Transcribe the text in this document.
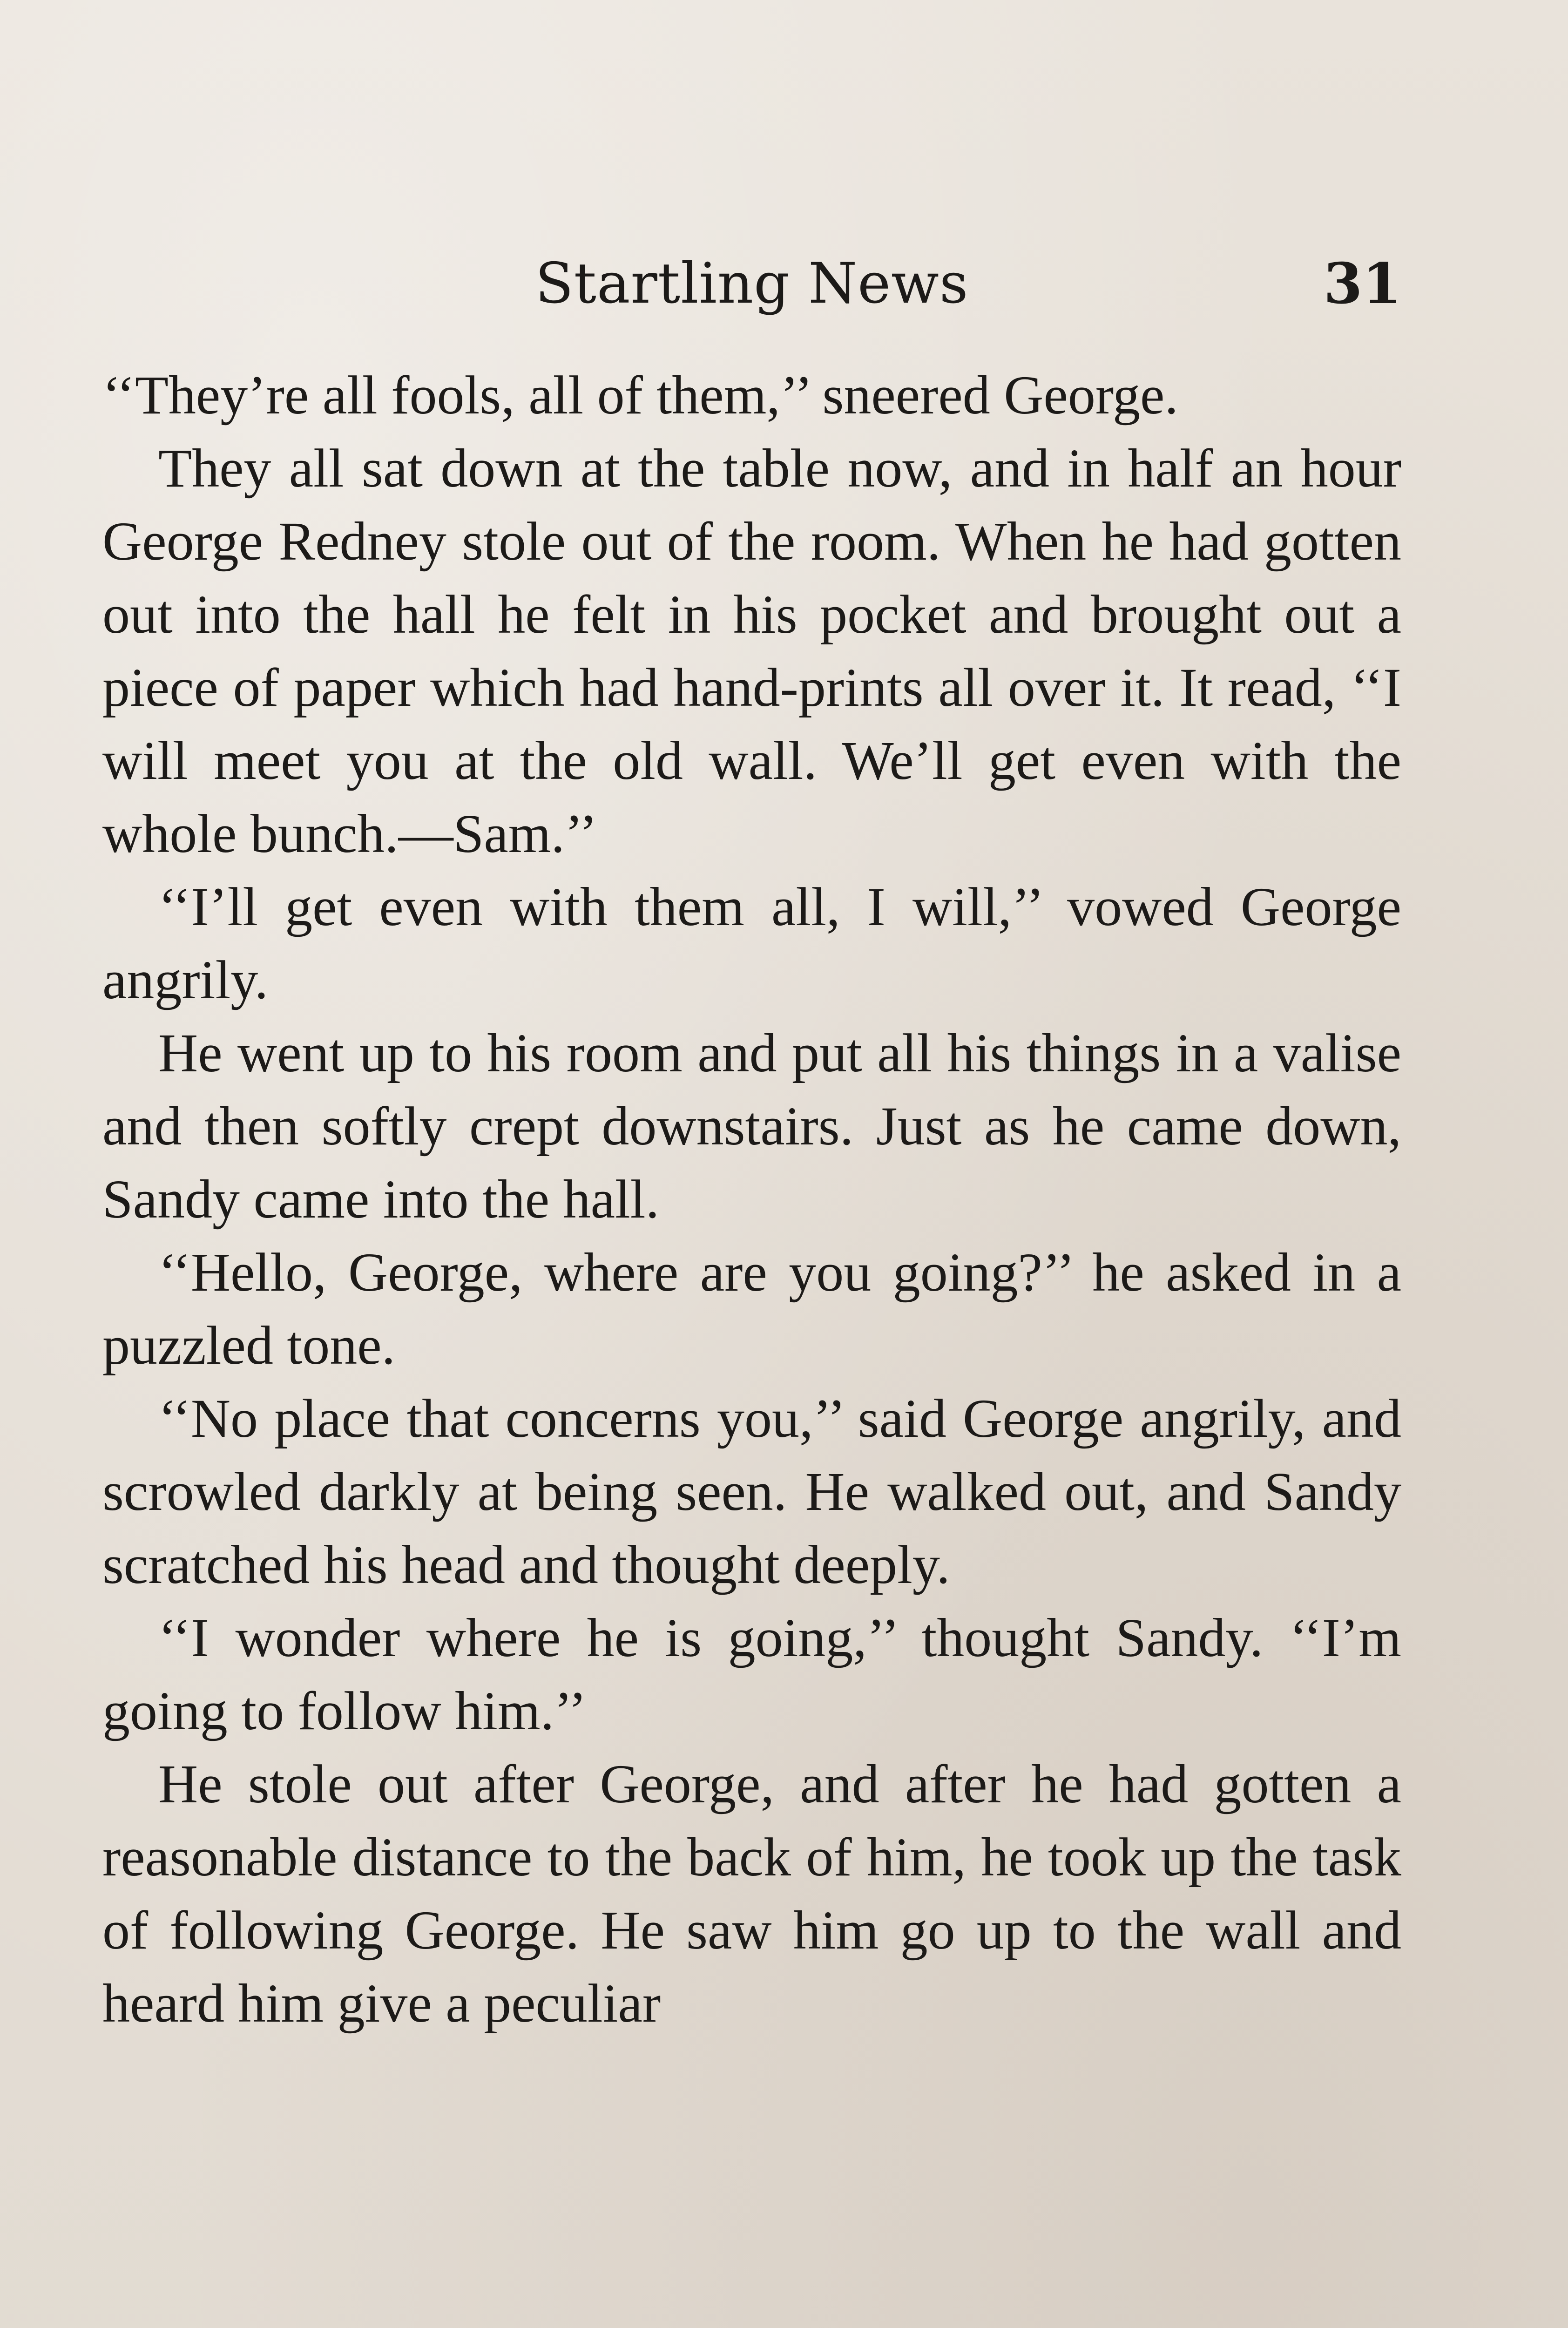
Startling News	31

‘‘They’re all fools, all of them,’’ sneered George.

They all sat down at the table now, and in half an hour George Redney stole out of the room. When he had gotten out into the hall he felt in his pocket and brought out a piece of paper which had hand-prints all over it. It read, ‘‘I will meet you at the old wall. We’ll get even with the whole bunch.—Sam.’’

‘‘I’ll get even with them all, I will,’’ vowed George angrily.

He went up to his room and put all his things in a valise and then softly crept downstairs. Just as he came down, Sandy came into the hall.

‘‘Hello, George, where are you going?’’ he asked in a puzzled tone.

‘‘No place that concerns you,’’ said George angrily, and scrowled darkly at being seen. He walked out, and Sandy scratched his head and thought deeply.

‘‘I wonder where he is going,’’ thought Sandy. ‘‘I’m going to follow him.’’

He stole out after George, and after he had gotten a reasonable distance to the back of him, he took up the task of following George. He saw him go up to the wall and heard him give a peculiar
